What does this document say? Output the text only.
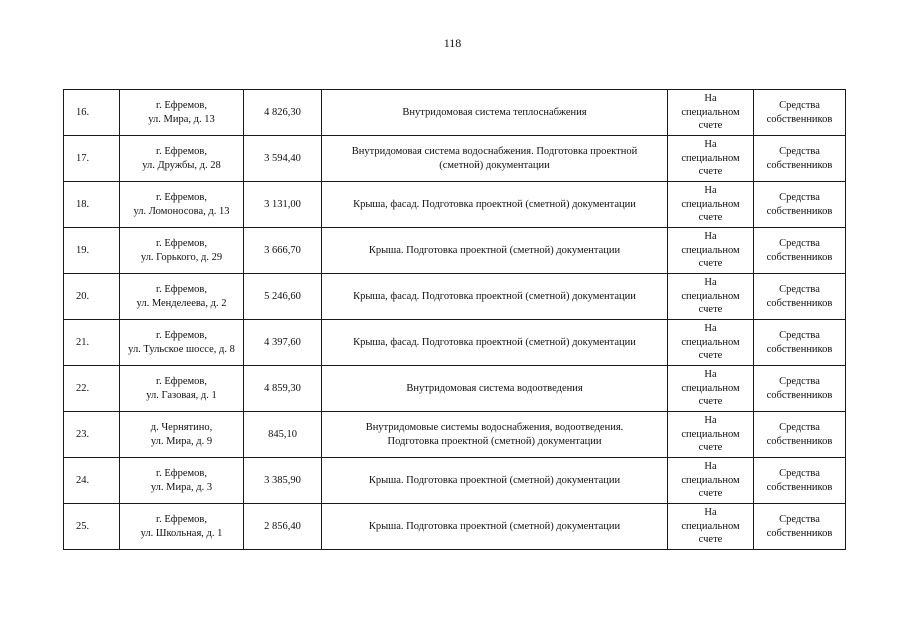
118
16.	г. Ефремов,
ул. Мира, д. 13	4 826,30	Внутридомовая система теплоснабжения	На
специальном
счете	Средства
собственников

17.	г. Ефремов,
ул. Дружбы, д. 28	3 594,40	Внутридомовая система водоснабжения. Подготовка проектной
(сметной) документации	На
специальном
счете	Средства
собственников

18.	г. Ефремов,
ул. Ломоносова, д. 13	3 131,00	Крыша, фасад. Подготовка проектной (сметной) документации	На
специальном
счете	Средства
собственников

19.	г. Ефремов,
ул. Горького, д. 29	3 666,70	Крыша. Подготовка проектной (сметной) документации	На
специальном
счете	Средства
собственников

20.	г. Ефремов,
ул. Менделеева, д. 2	5 246,60	Крыша, фасад. Подготовка проектной (сметной) документации	На
специальном
счете	Средства
собственников

21.	г. Ефремов,
ул. Тульское шоссе, д. 8	4 397,60	Крыша, фасад. Подготовка проектной (сметной) документации	На
специальном
счете	Средства
собственников

22.	г. Ефремов,
ул. Газовая, д. 1	4 859,30	Внутридомовая система водоотведения	На
специальном
счете	Средства
собственников

23.	д. Чернятино,
ул. Мира, д. 9	845,10	Внутридомовые системы водоснабжения, водоотведения.
Подготовка проектной (сметной) документации	На
специальном
счете	Средства
собственников

24.	г. Ефремов,
ул. Мира, д. 3	3 385,90	Крыша. Подготовка проектной (сметной) документации	На
специальном
счете	Средства
собственников

25.	г. Ефремов,
ул. Школьная, д. 1	2 856,40	Крыша. Подготовка проектной (сметной) документации	На
специальном
счете	Средства
собственников
